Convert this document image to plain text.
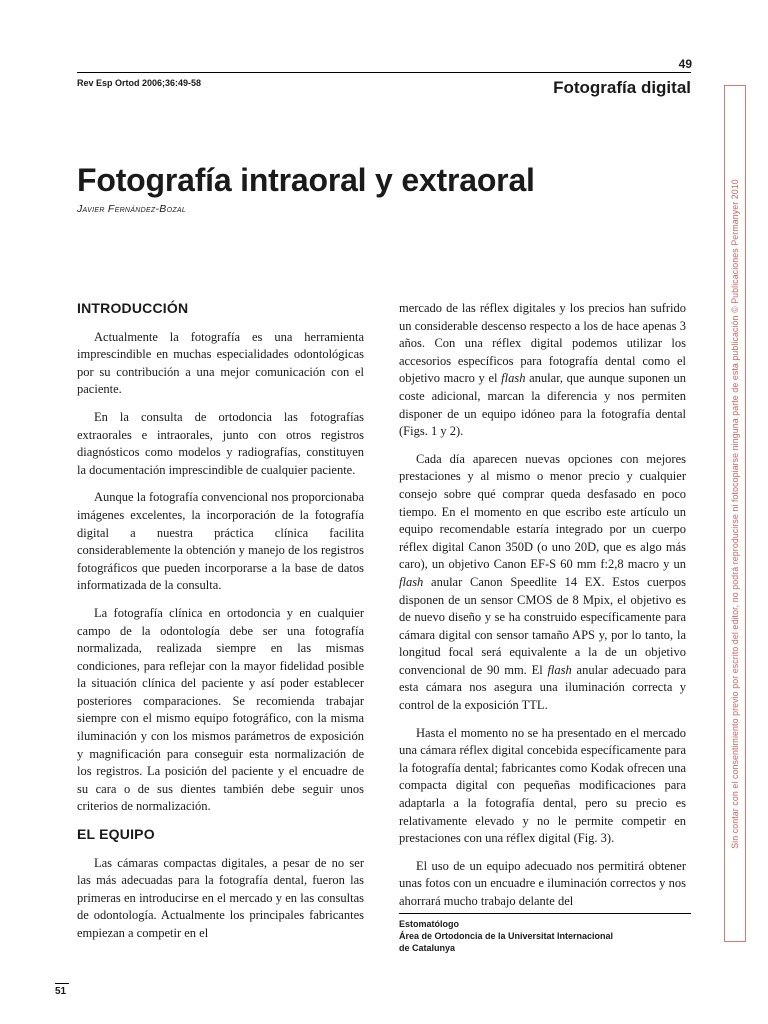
49
Rev Esp Ortod 2006;36:49-58	Fotografía digital
Fotografía intraoral y extraoral
Javier Fernández-Bozal
INTRODUCCIÓN

Actualmente la fotografía es una herramienta imprescindible en muchas especialidades odontológicas por su contribución a una mejor comunicación con el paciente.

En la consulta de ortodoncia las fotografías extraorales e intraorales, junto con otros registros diagnósticos como modelos y radiografías, constituyen la documentación imprescindible de cualquier paciente.

Aunque la fotografía convencional nos proporcionaba imágenes excelentes, la incorporación de la fotografía digital a nuestra práctica clínica facilita considerablemente la obtención y manejo de los registros fotográficos que pueden incorporarse a la base de datos informatizada de la consulta.

La fotografía clínica en ortodoncia y en cualquier campo de la odontología debe ser una fotografía normalizada, realizada siempre en las mismas condiciones, para reflejar con la mayor fidelidad posible la situación clínica del paciente y así poder establecer posteriores comparaciones. Se recomienda trabajar siempre con el mismo equipo fotográfico, con la misma iluminación y con los mismos parámetros de exposición y magnificación para conseguir esta normalización de los registros. La posición del paciente y el encuadre de su cara o de sus dientes también debe seguir unos criterios de normalización.

EL EQUIPO

Las cámaras compactas digitales, a pesar de no ser las más adecuadas para la fotografía dental, fueron las primeras en introducirse en el mercado y en las consultas de odontología. Actualmente los principales fabricantes empiezan a competir en el

mercado de las réflex digitales y los precios han sufrido un considerable descenso respecto a los de hace apenas 3 años. Con una réflex digital podemos utilizar los accesorios específicos para fotografía dental como el objetivo macro y el flash anular, que aunque suponen un coste adicional, marcan la diferencia y nos permiten disponer de un equipo idóneo para la fotografía dental (Figs. 1 y 2).

Cada día aparecen nuevas opciones con mejores prestaciones y al mismo o menor precio y cualquier consejo sobre qué comprar queda desfasado en poco tiempo. En el momento en que escribo este artículo un equipo recomendable estaría integrado por un cuerpo réflex digital Canon 350D (o uno 20D, que es algo más caro), un objetivo Canon EF-S 60 mm f:2,8 macro y un flash anular Canon Speedlite 14 EX. Estos cuerpos disponen de un sensor CMOS de 8 Mpix, el objetivo es de nuevo diseño y se ha construido específicamente para cámara digital con sensor tamaño APS y, por lo tanto, la longitud focal será equivalente a la de un objetivo convencional de 90 mm. El flash anular adecuado para esta cámara nos asegura una iluminación correcta y control de la exposición TTL.

Hasta el momento no se ha presentado en el mercado una cámara réflex digital concebida específicamente para la fotografía dental; fabricantes como Kodak ofrecen una compacta digital con pequeñas modificaciones para adaptarla a la fotografía dental, pero su precio es relativamente elevado y no le permite competir en prestaciones con una réflex digital (Fig. 3).

El uso de un equipo adecuado nos permitirá obtener unas fotos con un encuadre e iluminación correctos y nos ahorrará mucho trabajo delante del

Estomatólogo
Área de Ortodoncia de la Universitat Internacional
de Catalunya
51
Sin contar con el consentimiento previo por escrito del editor, no podrá reproducirse ni fotocopiarse ninguna parte de esta publicación © Publicaciones Permanyer 2010
